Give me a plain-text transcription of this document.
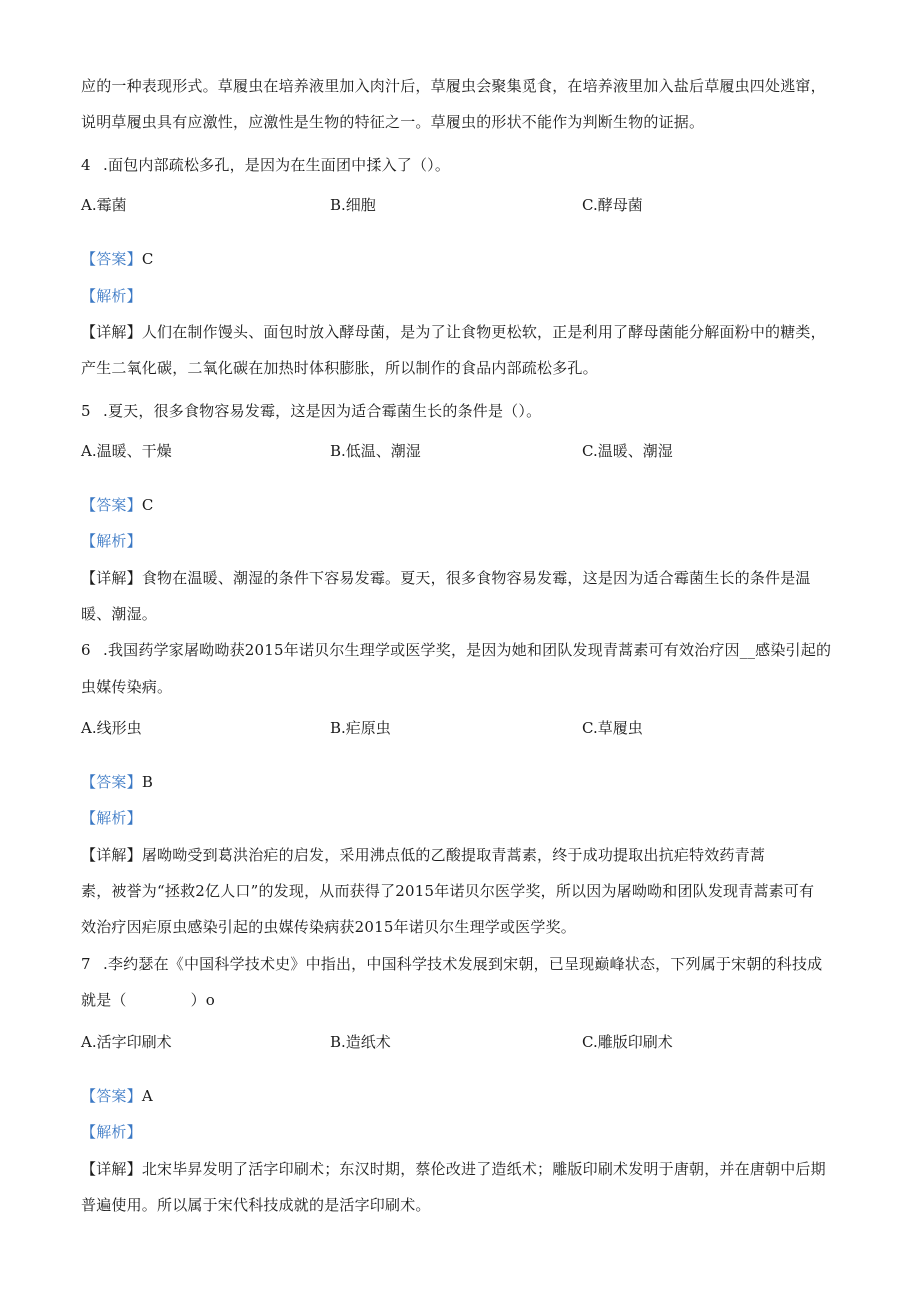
应的一种表现形式。草履虫在培养液里加入肉汁后，草履虫会聚集觅食，在培养液里加入盐后草履虫四处逃窜，
说明草履虫具有应激性，应激性是生物的特征之一。草履虫的形状不能作为判断生物的证据。
4 .面包内部疏松多孔，是因为在生面团中揉入了（）。
A.霉菌	B.细胞	C.酵母菌
【答案】C
【解析】
【详解】人们在制作馒头、面包时放入酵母菌，是为了让食物更松软，正是利用了酵母菌能分解面粉中的糖类，
产生二氧化碳，二氧化碳在加热时体积膨胀，所以制作的食品内部疏松多孔。
5 .夏天，很多食物容易发霉，这是因为适合霉菌生长的条件是（）。
A.温暖、干燥	B.低温、潮湿	C.温暖、潮湿
【答案】C
【解析】
【详解】食物在温暖、潮湿的条件下容易发霉。夏天，很多食物容易发霉，这是因为适合霉菌生长的条件是温
暖、潮湿。
6 .我国药学家屠呦呦获2015年诺贝尔生理学或医学奖，是因为她和团队发现青蒿素可有效治疗因__感染引起的
虫媒传染病。
A.线形虫	B.疟原虫	C.草履虫
【答案】B
【解析】
【详解】屠呦呦受到葛洪治疟的启发，采用沸点低的乙酸提取青蒿素，终于成功提取出抗疟特效药青蒿
素，被誉为“拯救2亿人口”的发现，从而获得了2015年诺贝尔医学奖，所以因为屠呦呦和团队发现青蒿素可有
效治疗因疟原虫感染引起的虫媒传染病获2015年诺贝尔生理学或医学奖。
7 .李约瑟在《中国科学技术史》中指出，中国科学技术发展到宋朝，已呈现巅峰状态，下列属于宋朝的科技成
就是（	）o
A.活字印刷术	B.造纸术	C.雕版印刷术
【答案】A
【解析】
【详解】北宋毕昇发明了活字印刷术；东汉时期，蔡伦改进了造纸术；雕版印刷术发明于唐朝，并在唐朝中后期
普遍使用。所以属于宋代科技成就的是活字印刷术。
